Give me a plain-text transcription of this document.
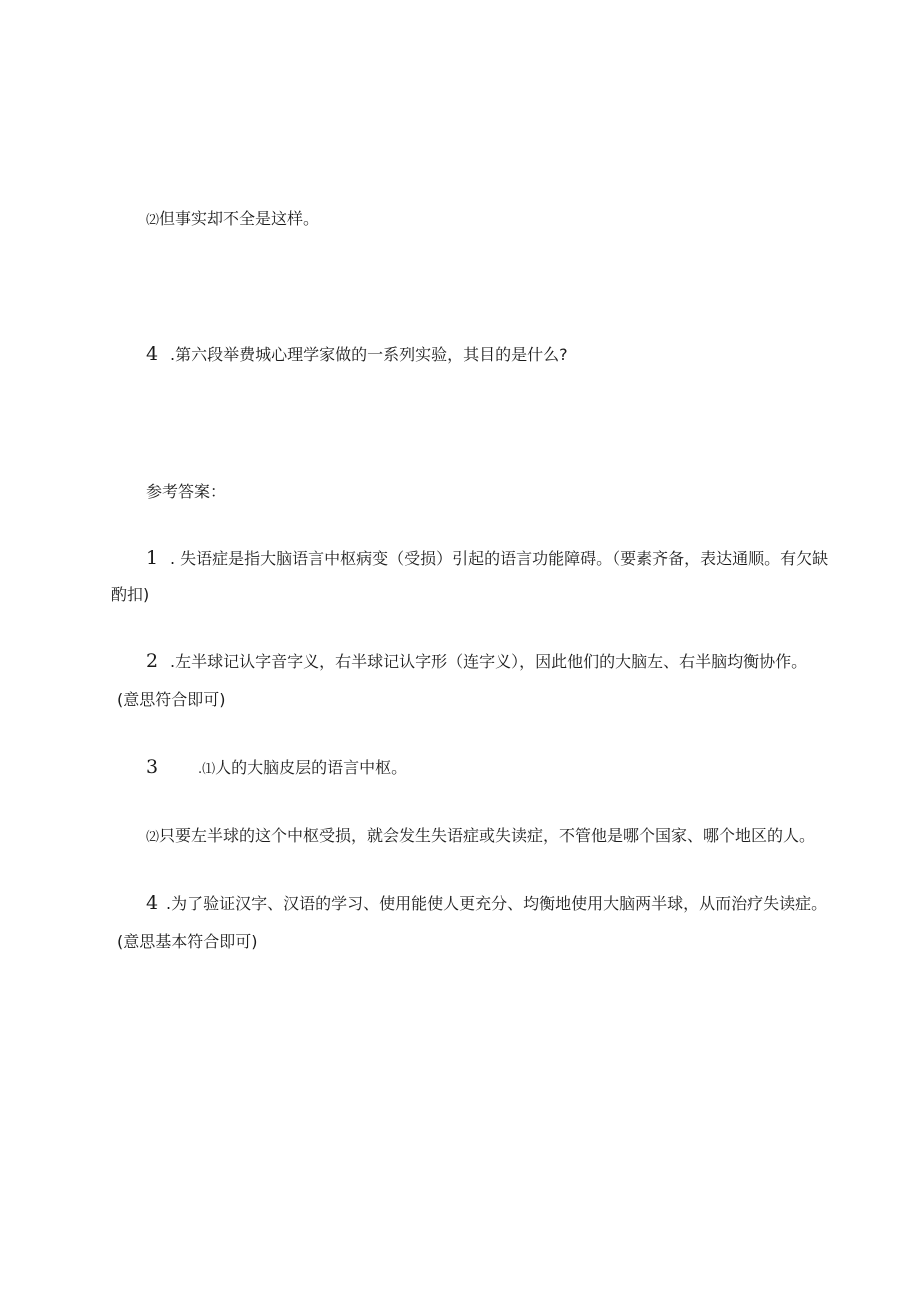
⑵但事实却不全是这样。
4 .第六段举费城心理学家做的一系列实验，其目的是什么?
参考答案：
1 . 失语症是指大脑语言中枢病变（受损）引起的语言功能障碍。（要素齐备，表达通顺。有欠缺
酌扣)
2 .左半球记认字音字义，右半球记认字形（连字义），因此他们的大脑左、右半脑均衡协作。
(意思符合即可)
3	.⑴人的大脑皮层的语言中枢。
⑵只要左半球的这个中枢受损，就会发生失语症或失读症，不管他是哪个国家、哪个地区的人。
4 .为了验证汉字、汉语的学习、使用能使人更充分、均衡地使用大脑两半球，从而治疗失读症。
(意思基本符合即可)
